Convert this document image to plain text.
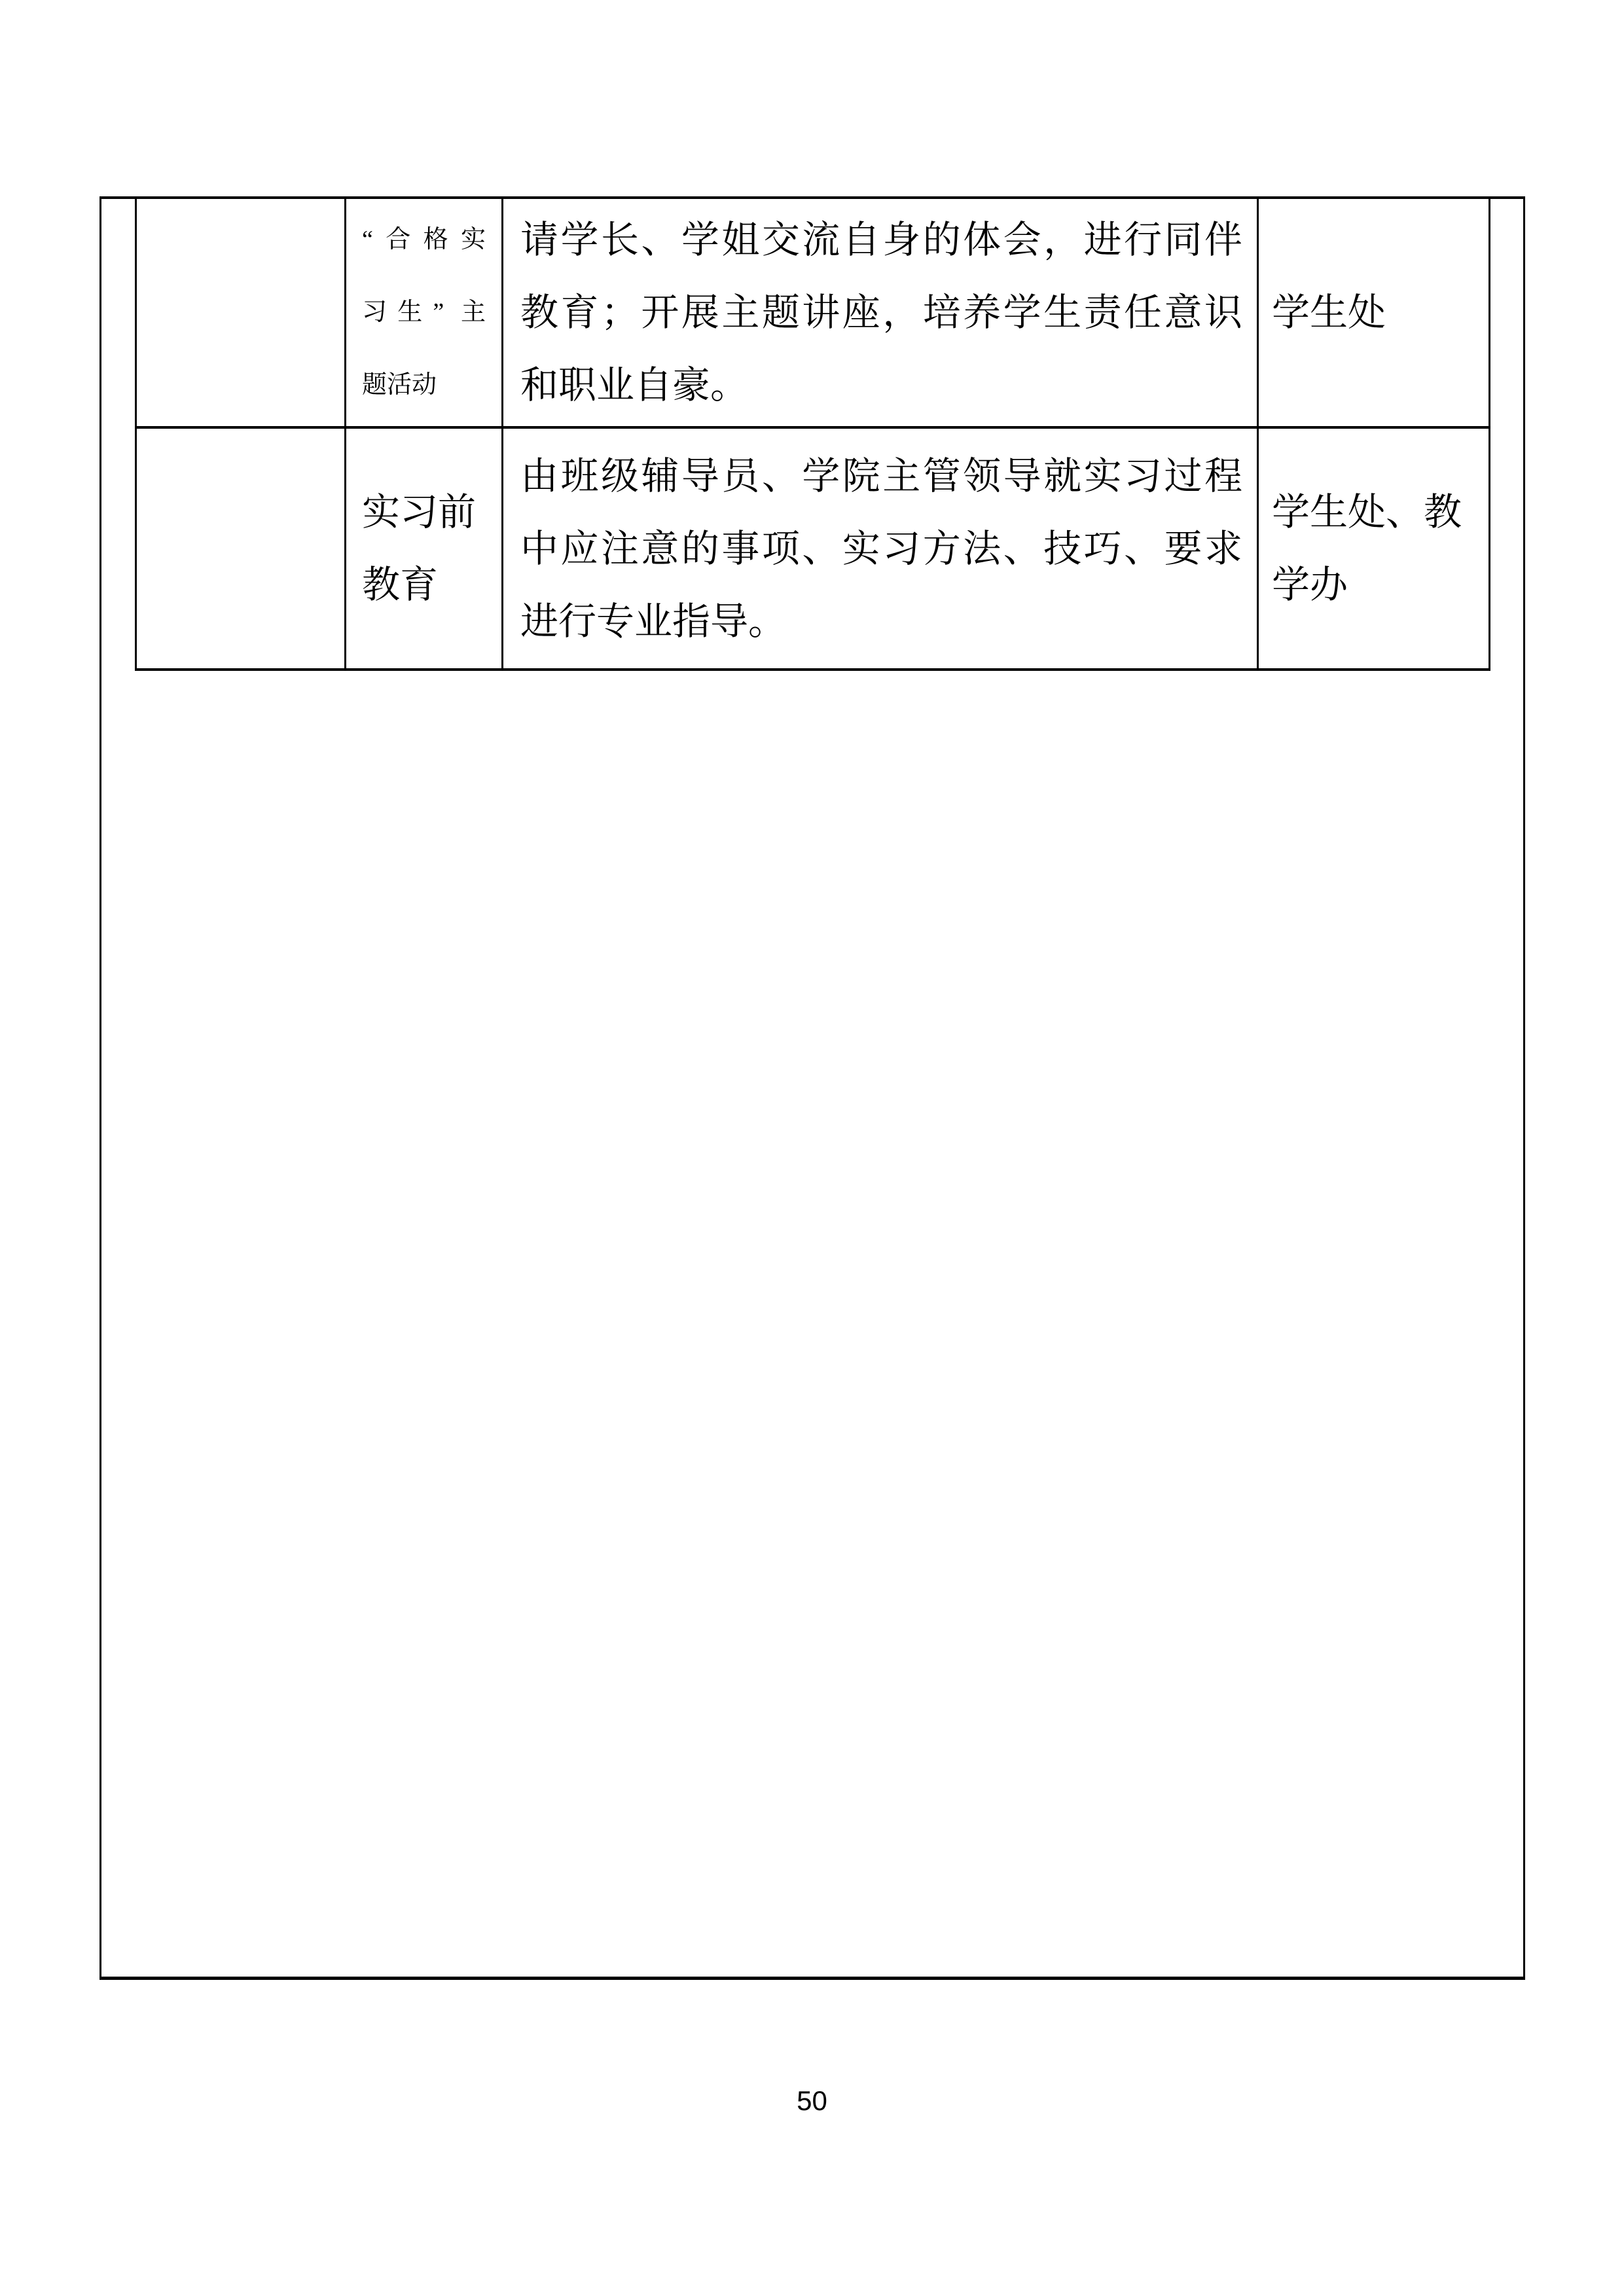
	“合格实
习生” 主
题活动	请学长、学姐交流自身的体会，进行同伴
教育；开展主题讲座，培养学生责任意识
和职业自豪。	学生处

	实习前
教育	由班级辅导员、学院主管领导就实习过程
中应注意的事项、实习方法、技巧、要求
进行专业指导。	学生处、教
学办
50
